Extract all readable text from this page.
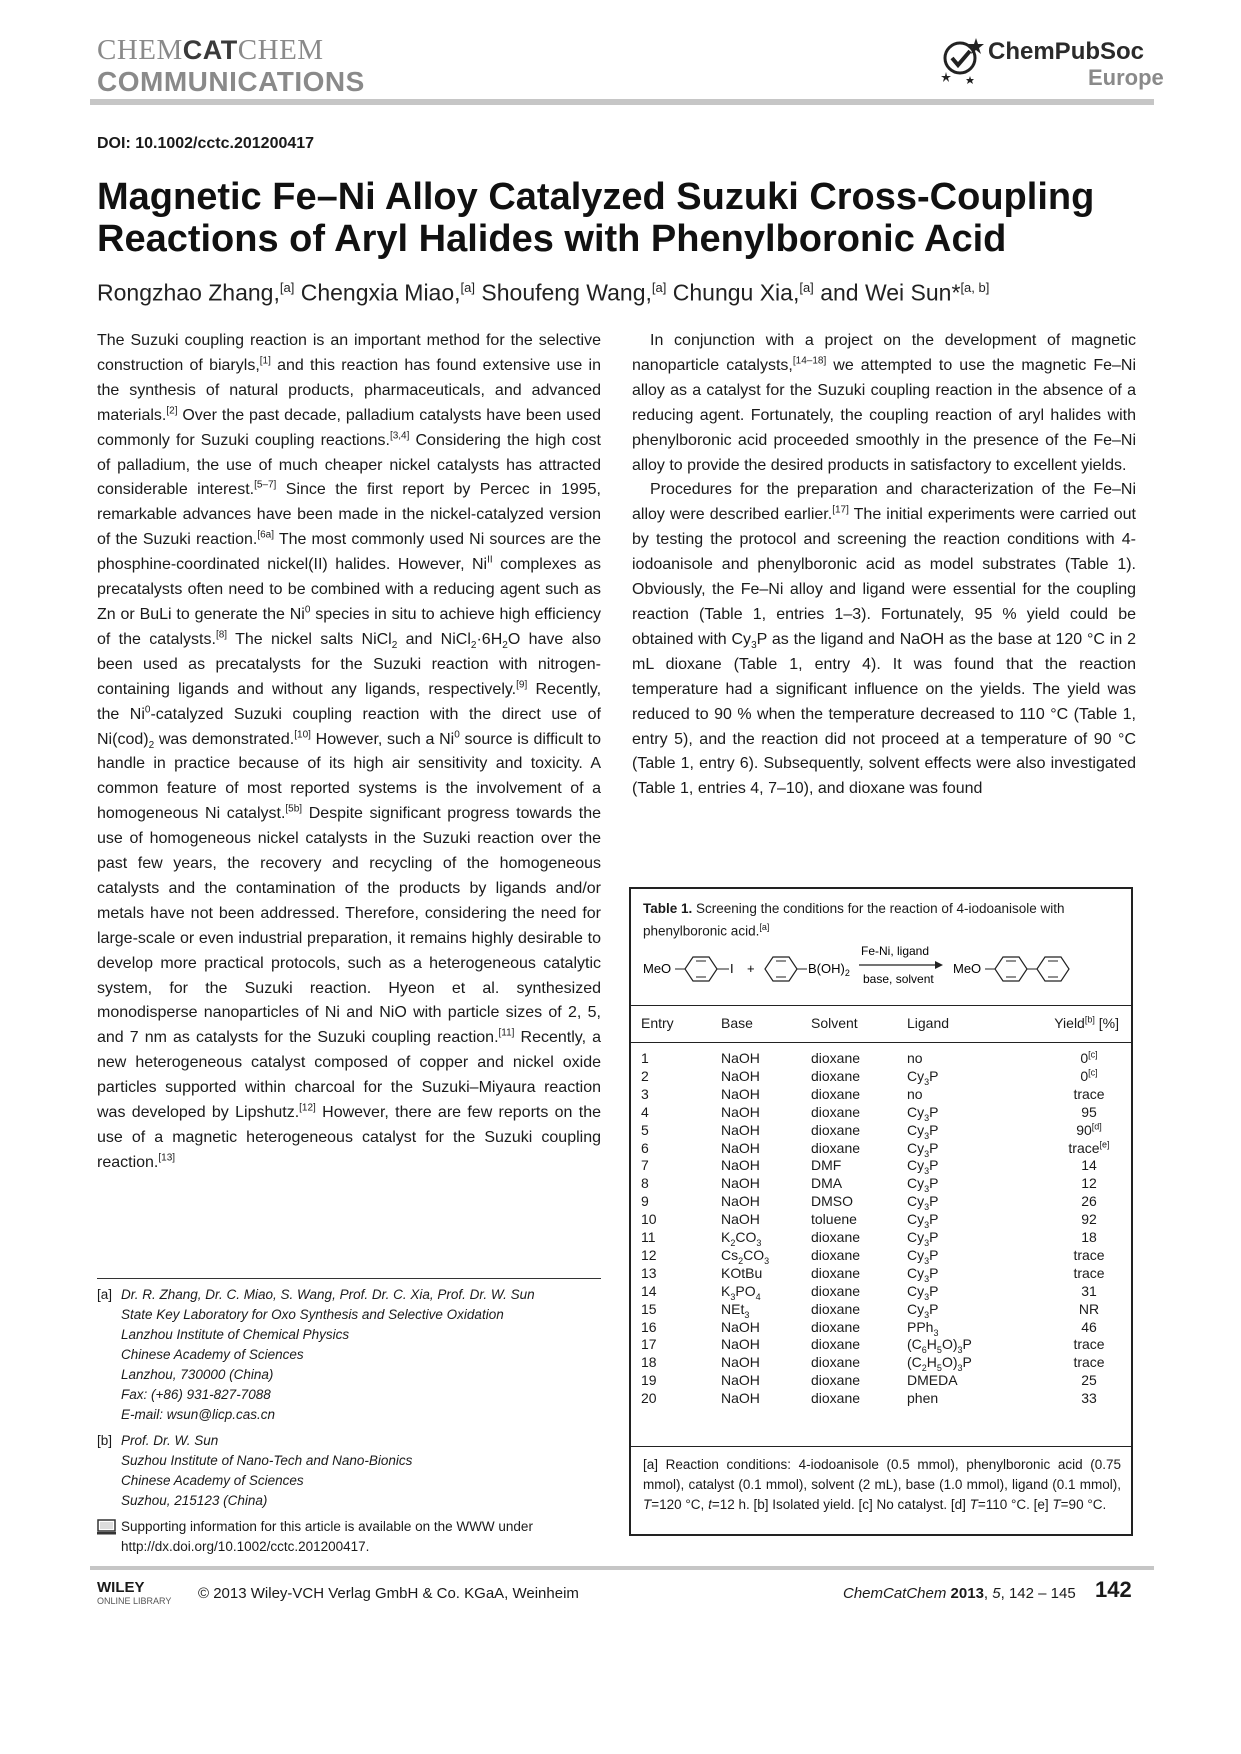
CHEMCATCHEM
COMMUNICATIONS
ChemPubSoc
Europe
DOI: 10.1002/cctc.201200417
Magnetic Fe–Ni Alloy Catalyzed Suzuki Cross-Coupling Reactions of Aryl Halides with Phenylboronic Acid
Rongzhao Zhang,[a] Chengxia Miao,[a] Shoufeng Wang,[a] Chungu Xia,[a] and Wei Sun*[a, b]

The Suzuki coupling reaction is an important method for the selective construction of biaryls,[1] and this reaction has found extensive use in the synthesis of natural products, pharmaceuticals, and advanced materials.[2] Over the past decade, palladium catalysts have been used commonly for Suzuki coupling reactions.[3,4] Considering the high cost of palladium, the use of much cheaper nickel catalysts has attracted considerable interest.[5–7] Since the first report by Percec in 1995, remarkable advances have been made in the nickel-catalyzed version of the Suzuki reaction.[6a] The most commonly used Ni sources are the phosphine-coordinated nickel(II) halides. However, $Ni^{II}$ complexes as precatalysts often need to be combined with a reducing agent such as Zn or BuLi to generate the Ni$^0$ species in situ to achieve high efficiency of the catalysts.[8] The nickel salts NiCl$_2$ and $NiCl_2\cdot 6H_2O$ have also been used as precatalysts for the Suzuki reaction with nitrogen-containing ligands and without any ligands, respectively.[9] Recently, the Ni$^0$-catalyzed Suzuki coupling reaction with the direct use of $Ni(cod)_2$ was demonstrated.[10] However, such a Ni$^0$ source is difficult to handle in practice because of its high air sensitivity and toxicity. A common feature of most reported systems is the involvement of a homogeneous Ni catalyst.[5b] Despite significant progress towards the use of homogeneous nickel catalysts in the Suzuki reaction over the past few years, the recovery and recycling of the homogeneous catalysts and the contamination of the products by ligands and/or metals have not been addressed. Therefore, considering the need for large-scale or even industrial preparation, it remains highly desirable to develop more practical protocols, such as a heterogeneous catalytic system, for the Suzuki reaction. Hyeon et al. synthesized monodisperse nanoparticles of Ni and NiO with particle sizes of 2, 5, and 7 nm as catalysts for the Suzuki coupling reaction.[11] Recently, a new heterogeneous catalyst composed of copper and nickel oxide particles supported within charcoal for the Suzuki–Miyaura reaction was developed by Lipshutz.[12] However, there are few reports on the use of a magnetic heterogeneous catalyst for the Suzuki coupling reaction.[13]

In conjunction with a project on the development of magnetic nanoparticle catalysts,[14–18] we attempted to use the magnetic Fe–Ni alloy as a catalyst for the Suzuki coupling reaction in the absence of a reducing agent. Fortunately, the coupling reaction of aryl halides with phenylboronic acid proceeded smoothly in the presence of the Fe–Ni alloy to provide the desired products in satisfactory to excellent yields.

Procedures for the preparation and characterization of the Fe–Ni alloy were described earlier.[17] The initial experiments were carried out by testing the protocol and screening the reaction conditions with 4-iodoanisole and phenylboronic acid as model substrates (Table 1). Obviously, the Fe–Ni alloy and ligand were essential for the coupling reaction (Table 1, entries 1–3). Fortunately, 95 % yield could be obtained with $Cy_3P$ as the ligand and NaOH as the base at 120 °C in 2 mL dioxane (Table 1, entry 4). It was found that the reaction temperature had a significant influence on the yields. The yield was reduced to 90 % when the temperature decreased to 110 °C (Table 1, entry 5), and the reaction did not proceed at a temperature of 90 °C (Table 1, entry 6). Subsequently, solvent effects were also investigated (Table 1, entries 4, 7–10), and dioxane was found

[a] Dr. R. Zhang, Dr. C. Miao, S. Wang, Prof. Dr. C. Xia, Prof. Dr. W. Sun
State Key Laboratory for Oxo Synthesis and Selective Oxidation
Lanzhou Institute of Chemical Physics
Chinese Academy of Sciences
Lanzhou, 730000 (China)
Fax: (+86) 931-827-7088
E-mail: wsun@licp.cas.cn
[b] Prof. Dr. W. Sun
Suzhou Institute of Nano-Tech and Nano-Bionics
Chinese Academy of Sciences
Suzhou, 215123 (China)
Supporting information for this article is available on the WWW under
http://dx.doi.org/10.1002/cctc.201200417.
Table 1. Screening the conditions for the reaction of 4-iodoanisole with phenylboronic acid.[a]
MeO	I +	$B(OH)_2$
Fe-Ni, ligand
base, solvent
MeO
Entry	Base	Solvent	Ligand	Yield[b] [%]
1	NaOH	dioxane	no	0[c]
2	NaOH	dioxane	$Cy_3P$	0[c]
3	NaOH	dioxane	no	trace
4	NaOH	dioxane	$Cy_3P$	95
5	NaOH	dioxane	$Cy_3P$	90[d]
6	NaOH	dioxane	$Cy_3P$	trace[e]
7	NaOH	DMF	$Cy_3P$	14
8	NaOH	DMA	$Cy_3P$	12
9	NaOH	DMSO	$Cy_3P$	26
10	NaOH	toluene	$Cy_3P$	92
11	$K_2CO_3$	dioxane	$Cy_3P$	18
12	$Cs_2CO_3$	dioxane	$Cy_3P$	trace
13	KOtBu	dioxane	$Cy_3P$	trace
14	$K_3PO_4$	dioxane	$Cy_3P$	31
15	NEt$_3$	dioxane	$Cy_3P$	NR
16	NaOH	dioxane	PPh$_3$	46
17	NaOH	dioxane	$(C_6H_5O)_3P$	trace
18	NaOH	dioxane	$(C_2H_5O)_3P$	trace
19	NaOH	dioxane	DMEDA	25
20	NaOH	dioxane	phen	33
[a] Reaction conditions: 4-iodoanisole (0.5 mmol), phenylboronic acid (0.75 mmol), catalyst (0.1 mmol), solvent (2 mL), base (1.0 mmol), ligand (0.1 mmol), T=120 °C, t=12 h. [b] Isolated yield. [c] No catalyst. [d] T=110 °C. [e] T=90 °C.
WILEY
ONLINE LIBRARY © 2013 Wiley-VCH Verlag GmbH & Co. KGaA, Weinheim	ChemCatChem 2013, 5, 142 – 145 142
